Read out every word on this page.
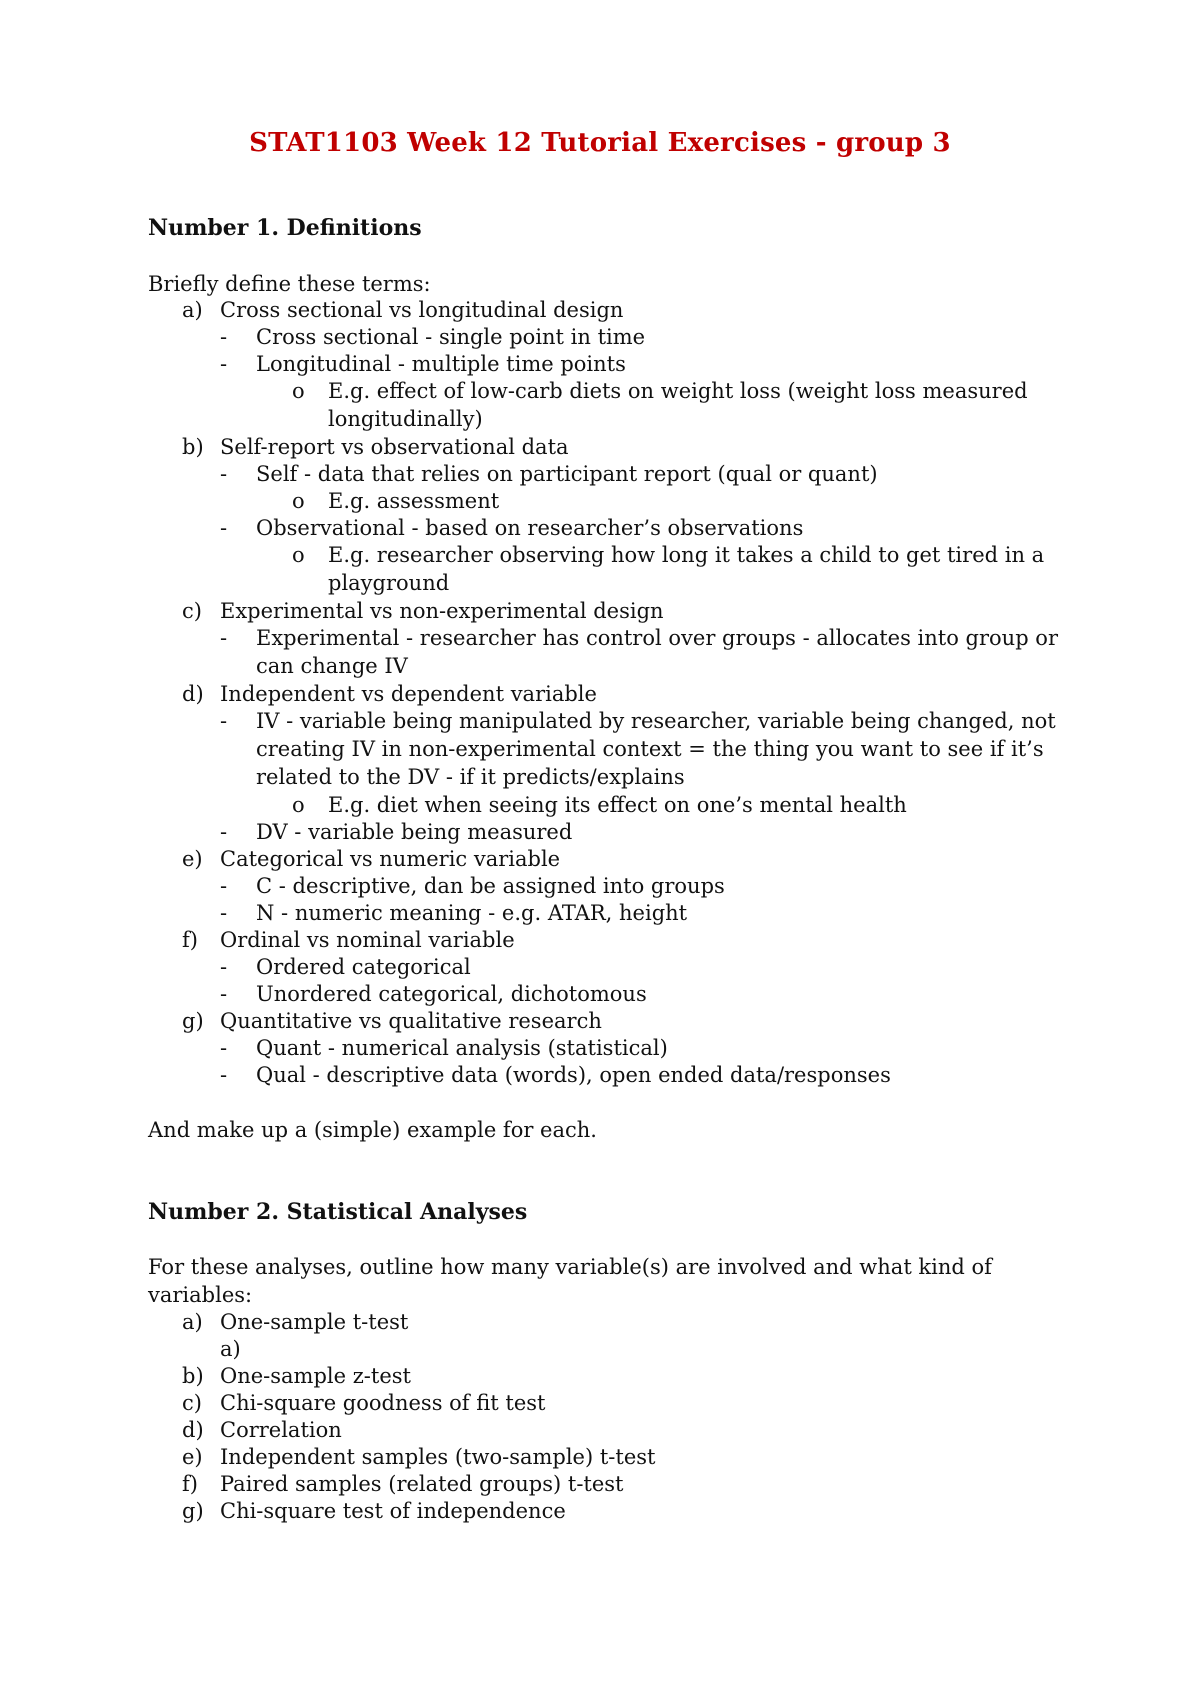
STAT1103 Week 12 Tutorial Exercises - group 3
Number 1. Definitions
Briefly define these terms:
a) Cross sectional vs longitudinal design
-	Cross sectional - single point in time
-	Longitudinal - multiple time points
o	E.g. effect of low-carb diets on weight loss (weight loss measured longitudinally)
b) Self-report vs observational data
-	Self - data that relies on participant report (qual or quant)
o	E.g. assessment
-	Observational - based on researcher’s observations
o	E.g. researcher observing how long it takes a child to get tired in a playground
c) Experimental vs non-experimental design
-	Experimental - researcher has control over groups - allocates into group or can change IV
d) Independent vs dependent variable
-	IV - variable being manipulated by researcher, variable being changed, not creating IV in non-experimental context = the thing you want to see if it’s related to the DV - if it predicts/explains
o	E.g. diet when seeing its effect on one’s mental health
-	DV - variable being measured
e) Categorical vs numeric variable
-	C - descriptive, dan be assigned into groups
-	N - numeric meaning - e.g. ATAR, height
f)	Ordinal vs nominal variable
-	Ordered categorical
-	Unordered categorical, dichotomous
g) Quantitative vs qualitative research
-	Quant - numerical analysis (statistical)
-	Qual - descriptive data (words), open ended data/responses
And make up a (simple) example for each.
Number 2. Statistical Analyses
For these analyses, outline how many variable(s) are involved and what kind of variables:
a) One-sample t-test
a)
b) One-sample z-test
c) Chi-square goodness of fit test
d) Correlation
e) Independent samples (two-sample) t-test
f)	Paired samples (related groups) t-test
g) Chi-square test of independence
